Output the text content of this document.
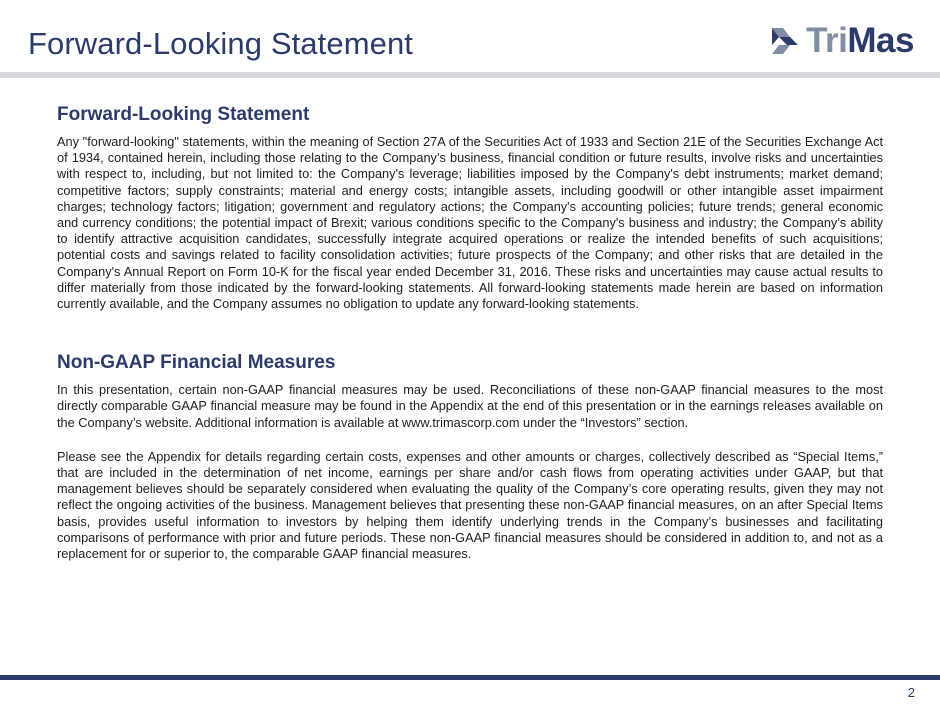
Forward-Looking Statement	TriMas
Forward-Looking Statement

Any "forward-looking" statements, within the meaning of Section 27A of the Securities Act of 1933 and Section 21E of the Securities Exchange Act of 1934, contained herein, including those relating to the Company’s business, financial condition or future results, involve risks and uncertainties with respect to, including, but not limited to: the Company's leverage; liabilities imposed by the Company's debt instruments; market demand; competitive factors; supply constraints; material and energy costs; intangible assets, including goodwill or other intangible asset impairment charges; technology factors; litigation; government and regulatory actions; the Company's accounting policies; future trends; general economic and currency conditions; the potential impact of Brexit; various conditions specific to the Company's business and industry; the Company’s ability to identify attractive acquisition candidates, successfully integrate acquired operations or realize the intended benefits of such acquisitions; potential costs and savings related to facility consolidation activities; future prospects of the Company; and other risks that are detailed in the Company's Annual Report on Form 10-K for the fiscal year ended December 31, 2016. These risks and uncertainties may cause actual results to differ materially from those indicated by the forward-looking statements. All forward-looking statements made herein are based on information currently available, and the Company assumes no obligation to update any forward-looking statements.

Non-GAAP Financial Measures

In this presentation, certain non-GAAP financial measures may be used. Reconciliations of these non-GAAP financial measures to the most directly comparable GAAP financial measure may be found in the Appendix at the end of this presentation or in the earnings releases available on the Company’s website. Additional information is available at www.trimascorp.com under the “Investors” section.

Please see the Appendix for details regarding certain costs, expenses and other amounts or charges, collectively described as “Special Items,” that are included in the determination of net income, earnings per share and/or cash flows from operating activities under GAAP, but that management believes should be separately considered when evaluating the quality of the Company’s core operating results, given they may not reflect the ongoing activities of the business. Management believes that presenting these non-GAAP financial measures, on an after Special Items basis, provides useful information to investors by helping them identify underlying trends in the Company’s businesses and facilitating comparisons of performance with prior and future periods. These non-GAAP financial measures should be considered in addition to, and not as a replacement for or superior to, the comparable GAAP financial measures.

2
